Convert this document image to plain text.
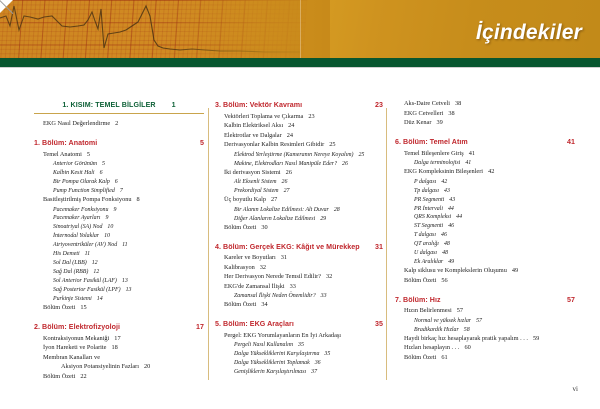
İçindekiler
1. KISIM: TEMEL BİLGİLER 1
EKG Nasıl Değerlendirme 2
1. Bölüm: Anatomi	5
Temel Anatomi 5
Anterior Görünüm 5
Kalbin Kesit Hali 6
Bir Pompa Olarak Kalp 6
Pump Function Simplified 7
Basitleştirilmiş Pompa Fonksiyonu 8
Pacemaker Fonksiyonu 9
Pacemaker Ayarları 9
Sinoatriyal (SA) Nod 10
İnternodal Yolaklar 10
Atriyoventriküler (AV) Nod 11
His Demeti 11
Sol Dal (LBB) 12
Sağ Dal (RBB) 12
Sol Anterior Fasikül (LAF) 13
Sağ Posterior Fasikül (LPF) 13
Purkinje Sistemi 14
Bölüm Özeti 15
2. Bölüm: Elektrofizyoloji	17
Kontraksiyonun Mekaniği 17
İyon Hareketi ve Polarite 18
Membran Kanalları ve
Aksiyon Potansiyelinin Fazları 20
Bölüm Özeti 22
3. Bölüm: Vektör Kavramı	23
Vektörleri Toplama ve Çıkarma 23
Kalbin Elektriksel Aksı 24
Elektrotlar ve Dalgalar 24
Derivasyonlar Kalbin Resimleri Gibidir 25
Elektrod Yerleştirme (Kameranın Nereye Koyalım) 25
Makine, Elektrodları Nasıl Manipüle Eder? 26
İki derivasyon Sistemi 26
Alt Eksenli Sistem 26
Prekordiyal Sistem 27
Üç boyutlu Kalp 27
Bir Alanın Lokalize Edilmesi: Alt Duvar 28
Diğer Alanların Lokalize Edilmesi 29
Bölüm Özeti 30
4. Bölüm: Gerçek EKG: Kâğıt ve Mürekkep 31
Kareler ve Boyutları 31
Kalibrasyon 32
Her Derivasyon Nerede Temsil Edilir? 32
EKG'de Zamansal İlişki 33
Zamansal İlişki Neden Önemlidir? 33
Bölüm Özeti 34
5. Bölüm: EKG Araçları	35
Pergel: EKG Yorumlayanların En İyi Arkadaşı
Pergeli Nasıl Kullanalım 35
Dalga Yüksekliklerini Karşılaştırma 35
Dalga Yüksekliklerini Toplamak 36
Genişliklerin Karşılaştırılması 37
Aks-Daire Cetveli 38
EKG Cetvelleri 38
Düz Kenar 39
6. Bölüm: Temel Atım	41
Temel Bileşenlere Giriş 41
Dalga terminolojisi 41
EKG Kompleksinin Bileşenleri 42
P dalgası 42
Tp dalgası 43
PR Segmenti 43
PR İntervali 44
QRS Kompleksi 44
ST Segmenti 46
T dalgası 46
QT aralığı 48
U dalgası 48
Ek Aralıklar 49
Kalp siklusu ve Komplekslerin Oluşumu 49
Bölüm Özeti 56
7. Bölüm: Hız	57
Hızın Belirlenmesi 57
Normal ve yüksek hızlar 57
Bradikardik Hızlar 58
Haydi birkaç hız hesaplayarak pratik yapalım . . . 59
Hızları hesaplayın . . . 60
Bölüm Özeti 61
vi
